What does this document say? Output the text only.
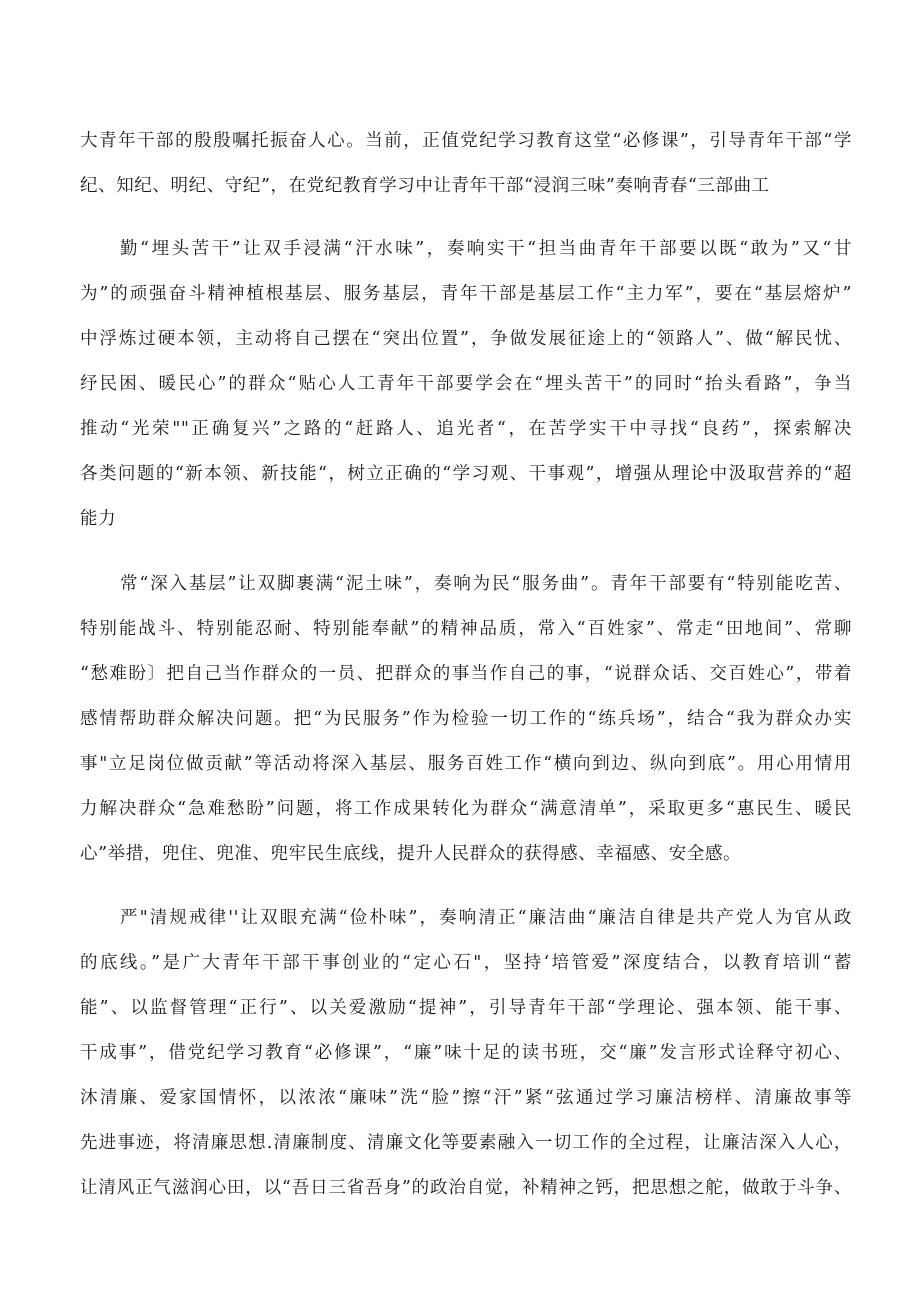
大青年干部的殷殷嘱托振奋人心。当前，正值党纪学习教育这堂“必修课”，引导青年干部“学
纪、知纪、明纪、守纪”，在党纪教育学习中让青年干部“浸润三味”奏响青春“三部曲工
勤“埋头苦干”让双手浸满“汗水味”，奏响实干“担当曲青年干部要以既“敢为”又“甘
为”的顽强奋斗精神植根基层、服务基层，青年干部是基层工作“主力军”，要在“基层熔炉”
中浮炼过硬本领，主动将自己摆在“突出位置”，争做发展征途上的“领路人”、做“解民忧、
纾民困、暖民心”的群众“贴心人工青年干部要学会在“埋头苦干”的同时“抬头看路”，争当
推动“光荣""正确复兴”之路的“赶路人、追光者“，在苦学实干中寻找“良药”，探索解决
各类问题的“新本领、新技能“，树立正确的“学习观、干事观”，增强从理论中汲取营养的“超
能力
常“深入基层”让双脚裹满“泥土味”，奏响为民“服务曲”。青年干部要有“特别能吃苦、
特别能战斗、特别能忍耐、特别能奉献”的精神品质，常入“百姓家”、常走“田地间”、常聊
“愁难盼〕把自己当作群众的一员、把群众的事当作自己的事，“说群众话、交百姓心”，带着
感情帮助群众解决问题。把“为民服务”作为检验一切工作的“练兵场”，结合“我为群众办实
事"立足岗位做贡献”等活动将深入基层、服务百姓工作“横向到边、纵向到底”。用心用情用
力解决群众“急难愁盼”问题，将工作成果转化为群众“满意清单”，采取更多“惠民生、暖民
心”举措，兜住、兜准、兜牢民生底线，提升人民群众的获得感、幸福感、安全感。
严"清规戒律''让双眼充满“俭朴味”，奏响清正“廉洁曲“廉洁自律是共产党人为官从政
的底线。”是广大青年干部干事创业的“定心石"，坚持‘培管爱”深度结合，以教育培训“蓄
能”、以监督管理“正行”、以关爱激励“提神”，引导青年干部“学理论、强本领、能干事、
干成事”，借党纪学习教育“必修课”，“廉”味十足的读书班，交“廉”发言形式诠释守初心、
沐清廉、爱家国情怀，以浓浓“廉味”洗“脸”擦“汗”紧“弦通过学习廉洁榜样、清廉故事等
先进事迹，将清廉思想.清廉制度、清廉文化等要素融入一切工作的全过程，让廉洁深入人心，
让清风正气滋润心田，以“吾日三省吾身”的政治自觉，补精神之钙，把思想之舵，做敢于斗争、
